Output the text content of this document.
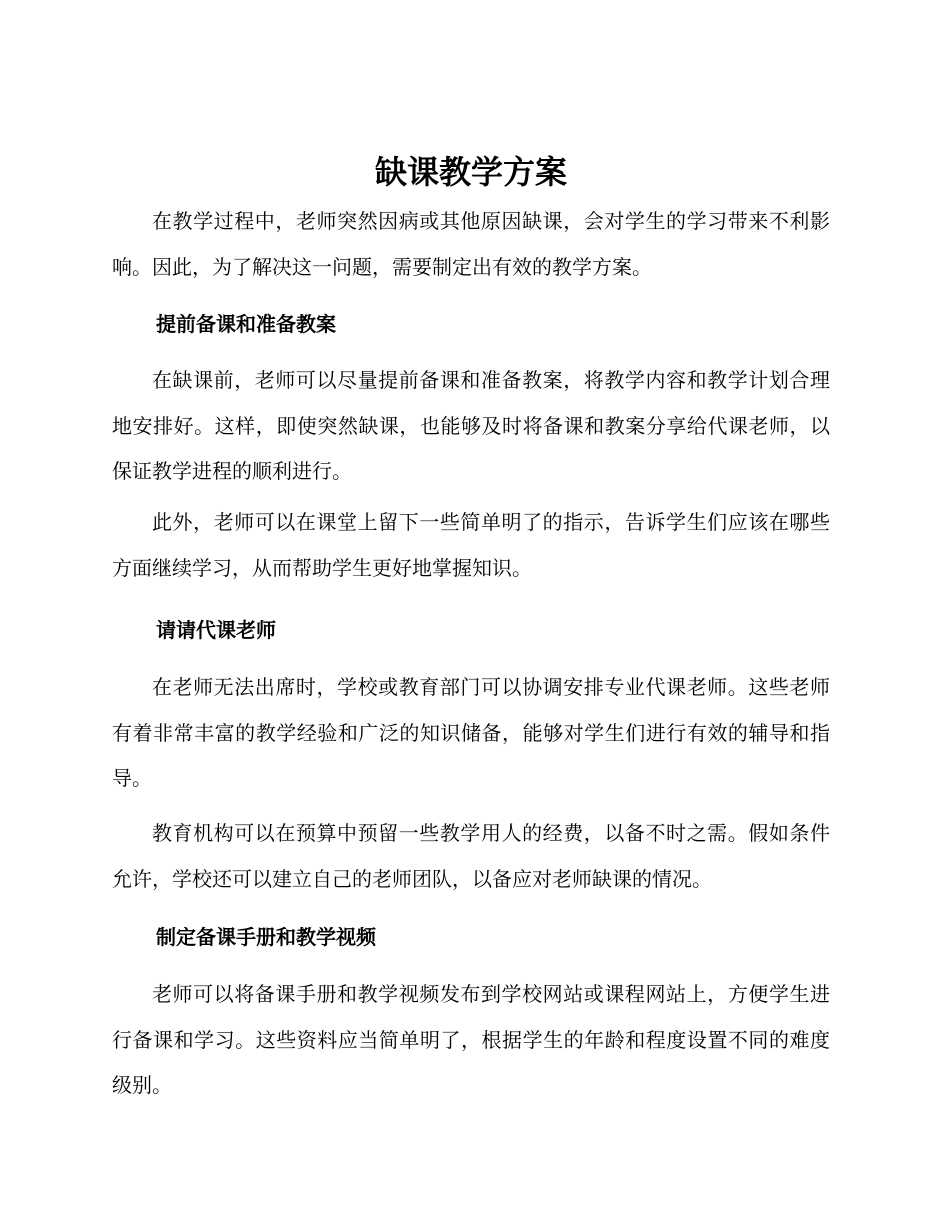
缺课教学方案

在教学过程中，老师突然因病或其他原因缺课，会对学生的学习带来不利影响。因此，为了解决这一问题，需要制定出有效的教学方案。

提前备课和准备教案

在缺课前，老师可以尽量提前备课和准备教案，将教学内容和教学计划合理地安排好。这样，即使突然缺课，也能够及时将备课和教案分享给代课老师，以保证教学进程的顺利进行。

此外，老师可以在课堂上留下一些简单明了的指示，告诉学生们应该在哪些方面继续学习，从而帮助学生更好地掌握知识。

请请代课老师

在老师无法出席时，学校或教育部门可以协调安排专业代课老师。这些老师有着非常丰富的教学经验和广泛的知识储备，能够对学生们进行有效的辅导和指导。

教育机构可以在预算中预留一些教学用人的经费，以备不时之需。假如条件允许，学校还可以建立自己的老师团队，以备应对老师缺课的情况。

制定备课手册和教学视频

老师可以将备课手册和教学视频发布到学校网站或课程网站上，方便学生进行备课和学习。这些资料应当简单明了，根据学生的年龄和程度设置不同的难度级别。
